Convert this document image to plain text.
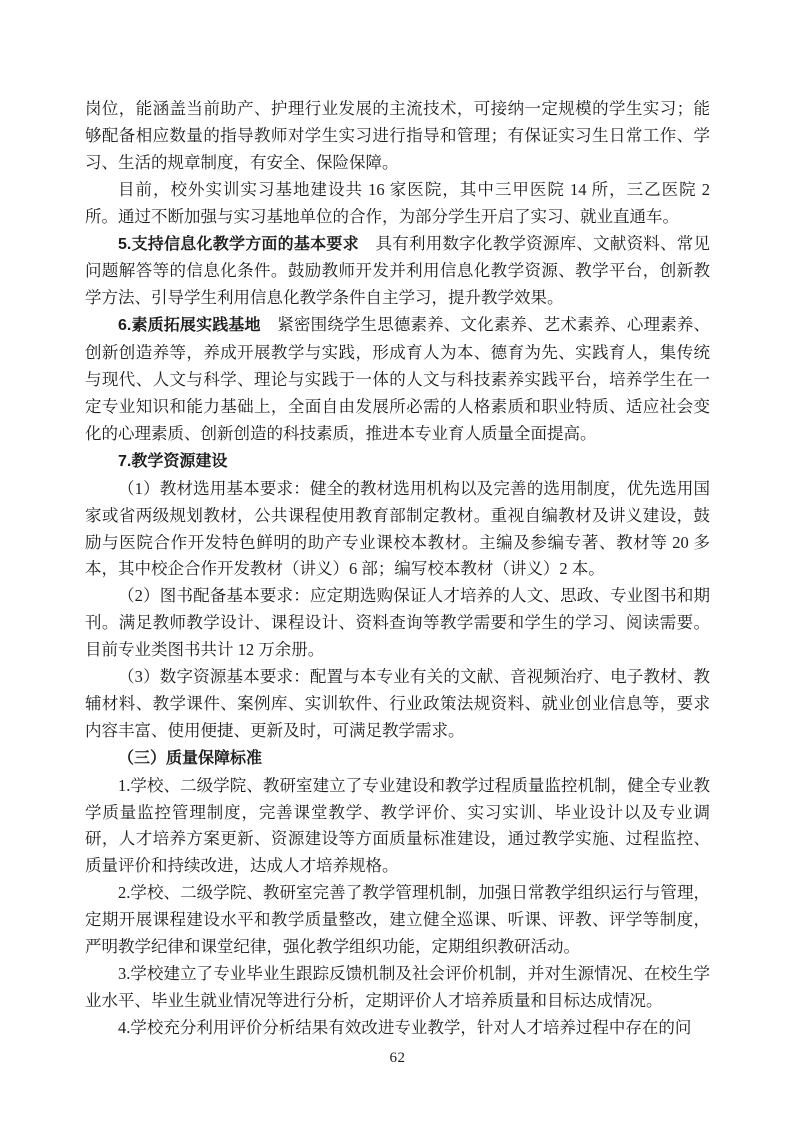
岗位，能涵盖当前助产、护理行业发展的主流技术，可接纳一定规模的学生实习；能够配备相应数量的指导教师对学生实习进行指导和管理；有保证实习生日常工作、学习、生活的规章制度，有安全、保险保障。

目前，校外实训实习基地建设共 16 家医院，其中三甲医院 14 所，三乙医院 2 所。通过不断加强与实习基地单位的合作，为部分学生开启了实习、就业直通车。

5.支持信息化教学方面的基本要求　具有利用数字化教学资源库、文献资料、常见问题解答等的信息化条件。鼓励教师开发并利用信息化教学资源、教学平台，创新教学方法、引导学生利用信息化教学条件自主学习，提升教学效果。

6.素质拓展实践基地　紧密围绕学生思德素养、文化素养、艺术素养、心理素养、创新创造养等，养成开展教学与实践，形成育人为本、德育为先、实践育人，集传统与现代、人文与科学、理论与实践于一体的人文与科技素养实践平台，培养学生在一定专业知识和能力基础上，全面自由发展所必需的人格素质和职业特质、适应社会变化的心理素质、创新创造的科技素质，推进本专业育人质量全面提高。

7.教学资源建设

（1）教材选用基本要求：健全的教材选用机构以及完善的选用制度，优先选用国家或省两级规划教材，公共课程使用教育部制定教材。重视自编教材及讲义建设，鼓励与医院合作开发特色鲜明的助产专业课校本教材。主编及参编专著、教材等 20 多本，其中校企合作开发教材（讲义）6 部；编写校本教材（讲义）2 本。

（2）图书配备基本要求：应定期选购保证人才培养的人文、思政、专业图书和期刊。满足教师教学设计、课程设计、资料查询等教学需要和学生的学习、阅读需要。目前专业类图书共计 12 万余册。

（3）数字资源基本要求：配置与本专业有关的文献、音视频治疗、电子教材、教辅材料、教学课件、案例库、实训软件、行业政策法规资料、就业创业信息等，要求内容丰富、使用便捷、更新及时，可满足教学需求。

（三）质量保障标准

1.学校、二级学院、教研室建立了专业建设和教学过程质量监控机制，健全专业教学质量监控管理制度，完善课堂教学、教学评价、实习实训、毕业设计以及专业调研，人才培养方案更新、资源建设等方面质量标准建设，通过教学实施、过程监控、质量评价和持续改进，达成人才培养规格。

2.学校、二级学院、教研室完善了教学管理机制，加强日常教学组织运行与管理，定期开展课程建设水平和教学质量整改，建立健全巡课、听课、评教、评学等制度，严明教学纪律和课堂纪律，强化教学组织功能，定期组织教研活动。

3.学校建立了专业毕业生跟踪反馈机制及社会评价机制，并对生源情况、在校生学业水平、毕业生就业情况等进行分析，定期评价人才培养质量和目标达成情况。

4.学校充分利用评价分析结果有效改进专业教学，针对人才培养过程中存在的问

62
